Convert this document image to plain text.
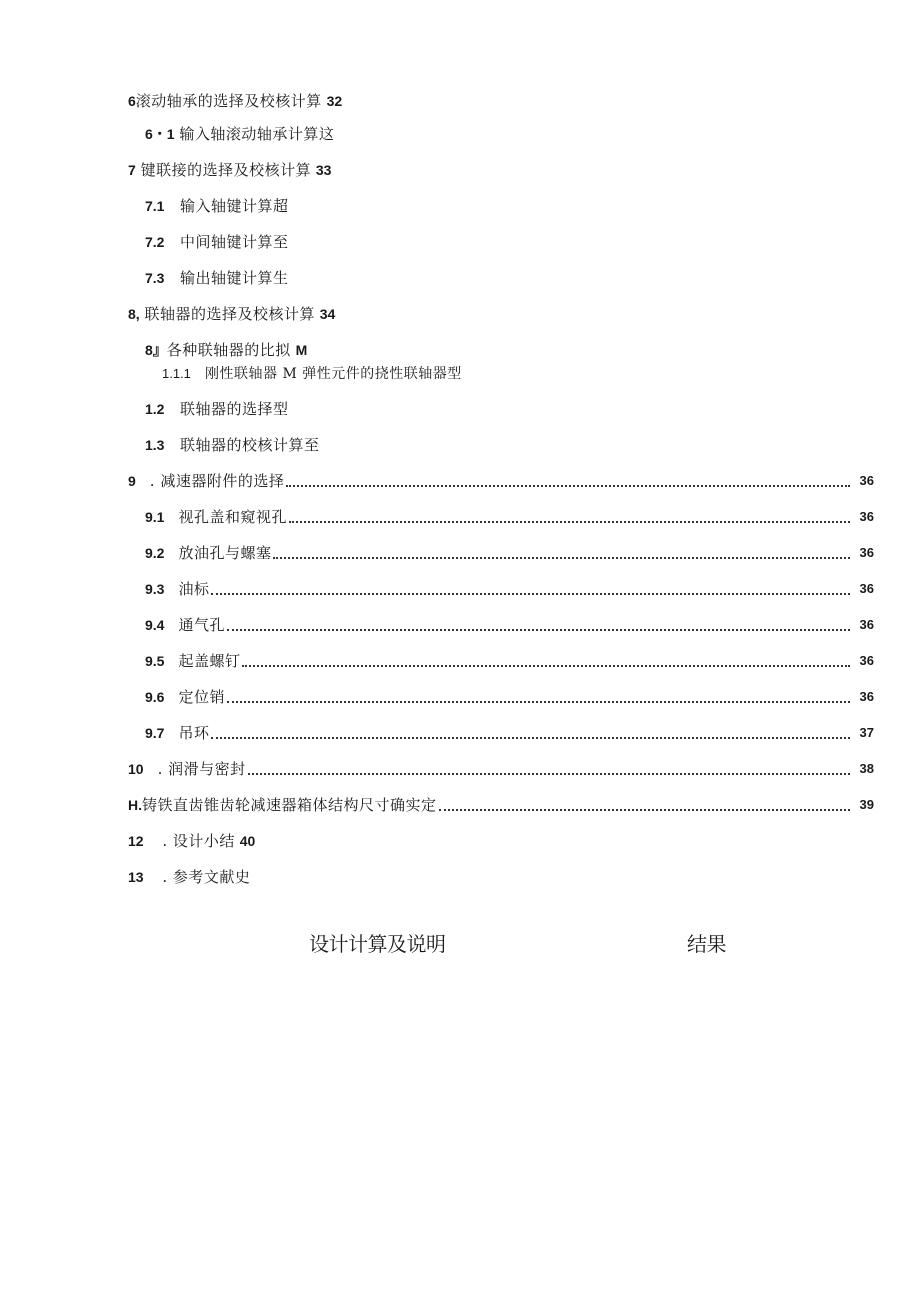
6滚动轴承的选择及校核计算 32
6・1 输入轴滚动轴承计算这
7 键联接的选择及校核计算 33
7.1 输入轴键计算超
7.2 中间轴键计算至
7.3 输出轴键计算生
8, 联轴器的选择及校核计算 34
8』各种联轴器的比拟 M
1.1.1 刚性联轴器 M 弹性元件的挠性联轴器型
1.2 联轴器的选择型
1.3 联轴器的校核计算至
9 . 减速器附件的选择	36
9.1 视孔盖和窥视孔	36
9.2 放油孔与螺塞	36
9.3 油标	36
9.4 通气孔	36
9.5 起盖螺钉	36
9.6 定位销	36
9.7 吊环	37
10 . 润滑与密封	38
H. 铸铁直齿锥齿轮减速器箱体结构尺寸确实定	39
12 . 设计小结 40
13 . 参考文献史
设计计算及说明	结果
